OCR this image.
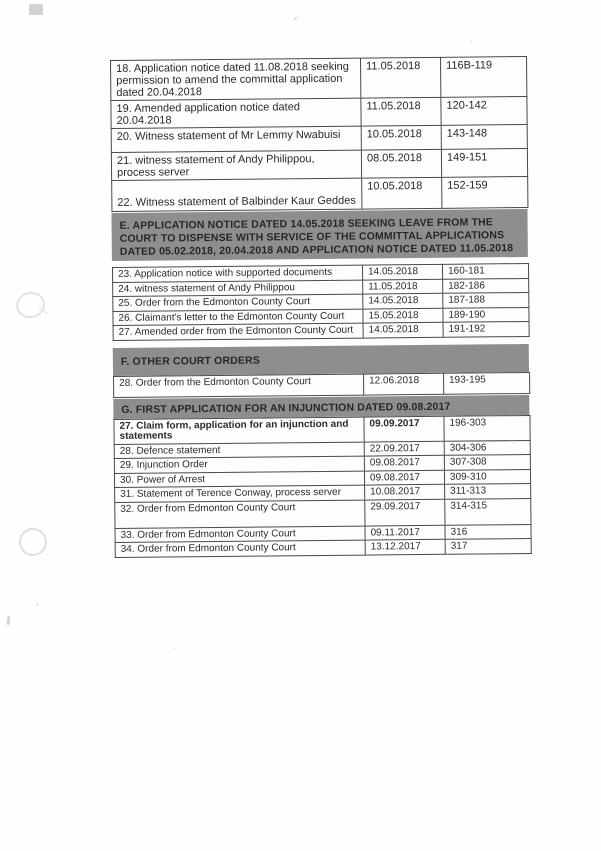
18. Application notice dated 11.08.2018 seeking permission to amend the committal application dated 20.04.2018	11.05.2018	116B-119
19. Amended application notice dated 20.04.2018	11.05.2018	120-142
20. Witness statement of Mr Lemmy Nwabuisi	10.05.2018	143-148
21. witness statement of Andy Philippou, process server	08.05.2018	149-151
22. Witness statement of Balbinder Kaur Geddes	10.05.2018	152-159
E. APPLICATION NOTICE DATED 14.05.2018 SEEKING LEAVE FROM THE COURT TO DISPENSE WITH SERVICE OF THE COMMITTAL APPLICATIONS DATED 05.02.2018, 20.04.2018 AND APPLICATION NOTICE DATED 11.05.2018
23. Application notice with supported documents	14.05.2018	160-181
24. witness statement of Andy Philippou	11.05.2018	182-186
25. Order from the Edmonton County Court	14.05.2018	187-188
26. Claimant's letter to the Edmonton County Court	15.05.2018	189-190
27. Amended order from the Edmonton County Court	14.05.2018	191-192
F. OTHER COURT ORDERS
28. Order from the Edmonton County Court	12.06.2018	193-195
G. FIRST APPLICATION FOR AN INJUNCTION DATED 09.08.2017
27. Claim form, application for an injunction and statements	09.09.2017	196-303
28. Defence statement	22.09.2017	304-306
29. Injunction Order	09.08.2017	307-308
30. Power of Arrest	09.08.2017	309-310
31. Statement of Terence Conway, process server	10.08.2017	311-313
32. Order from Edmonton County Court	29.09.2017	314-315
33. Order from Edmonton County Court	09.11.2017	316
34. Order from Edmonton County Court	13.12.2017	317
